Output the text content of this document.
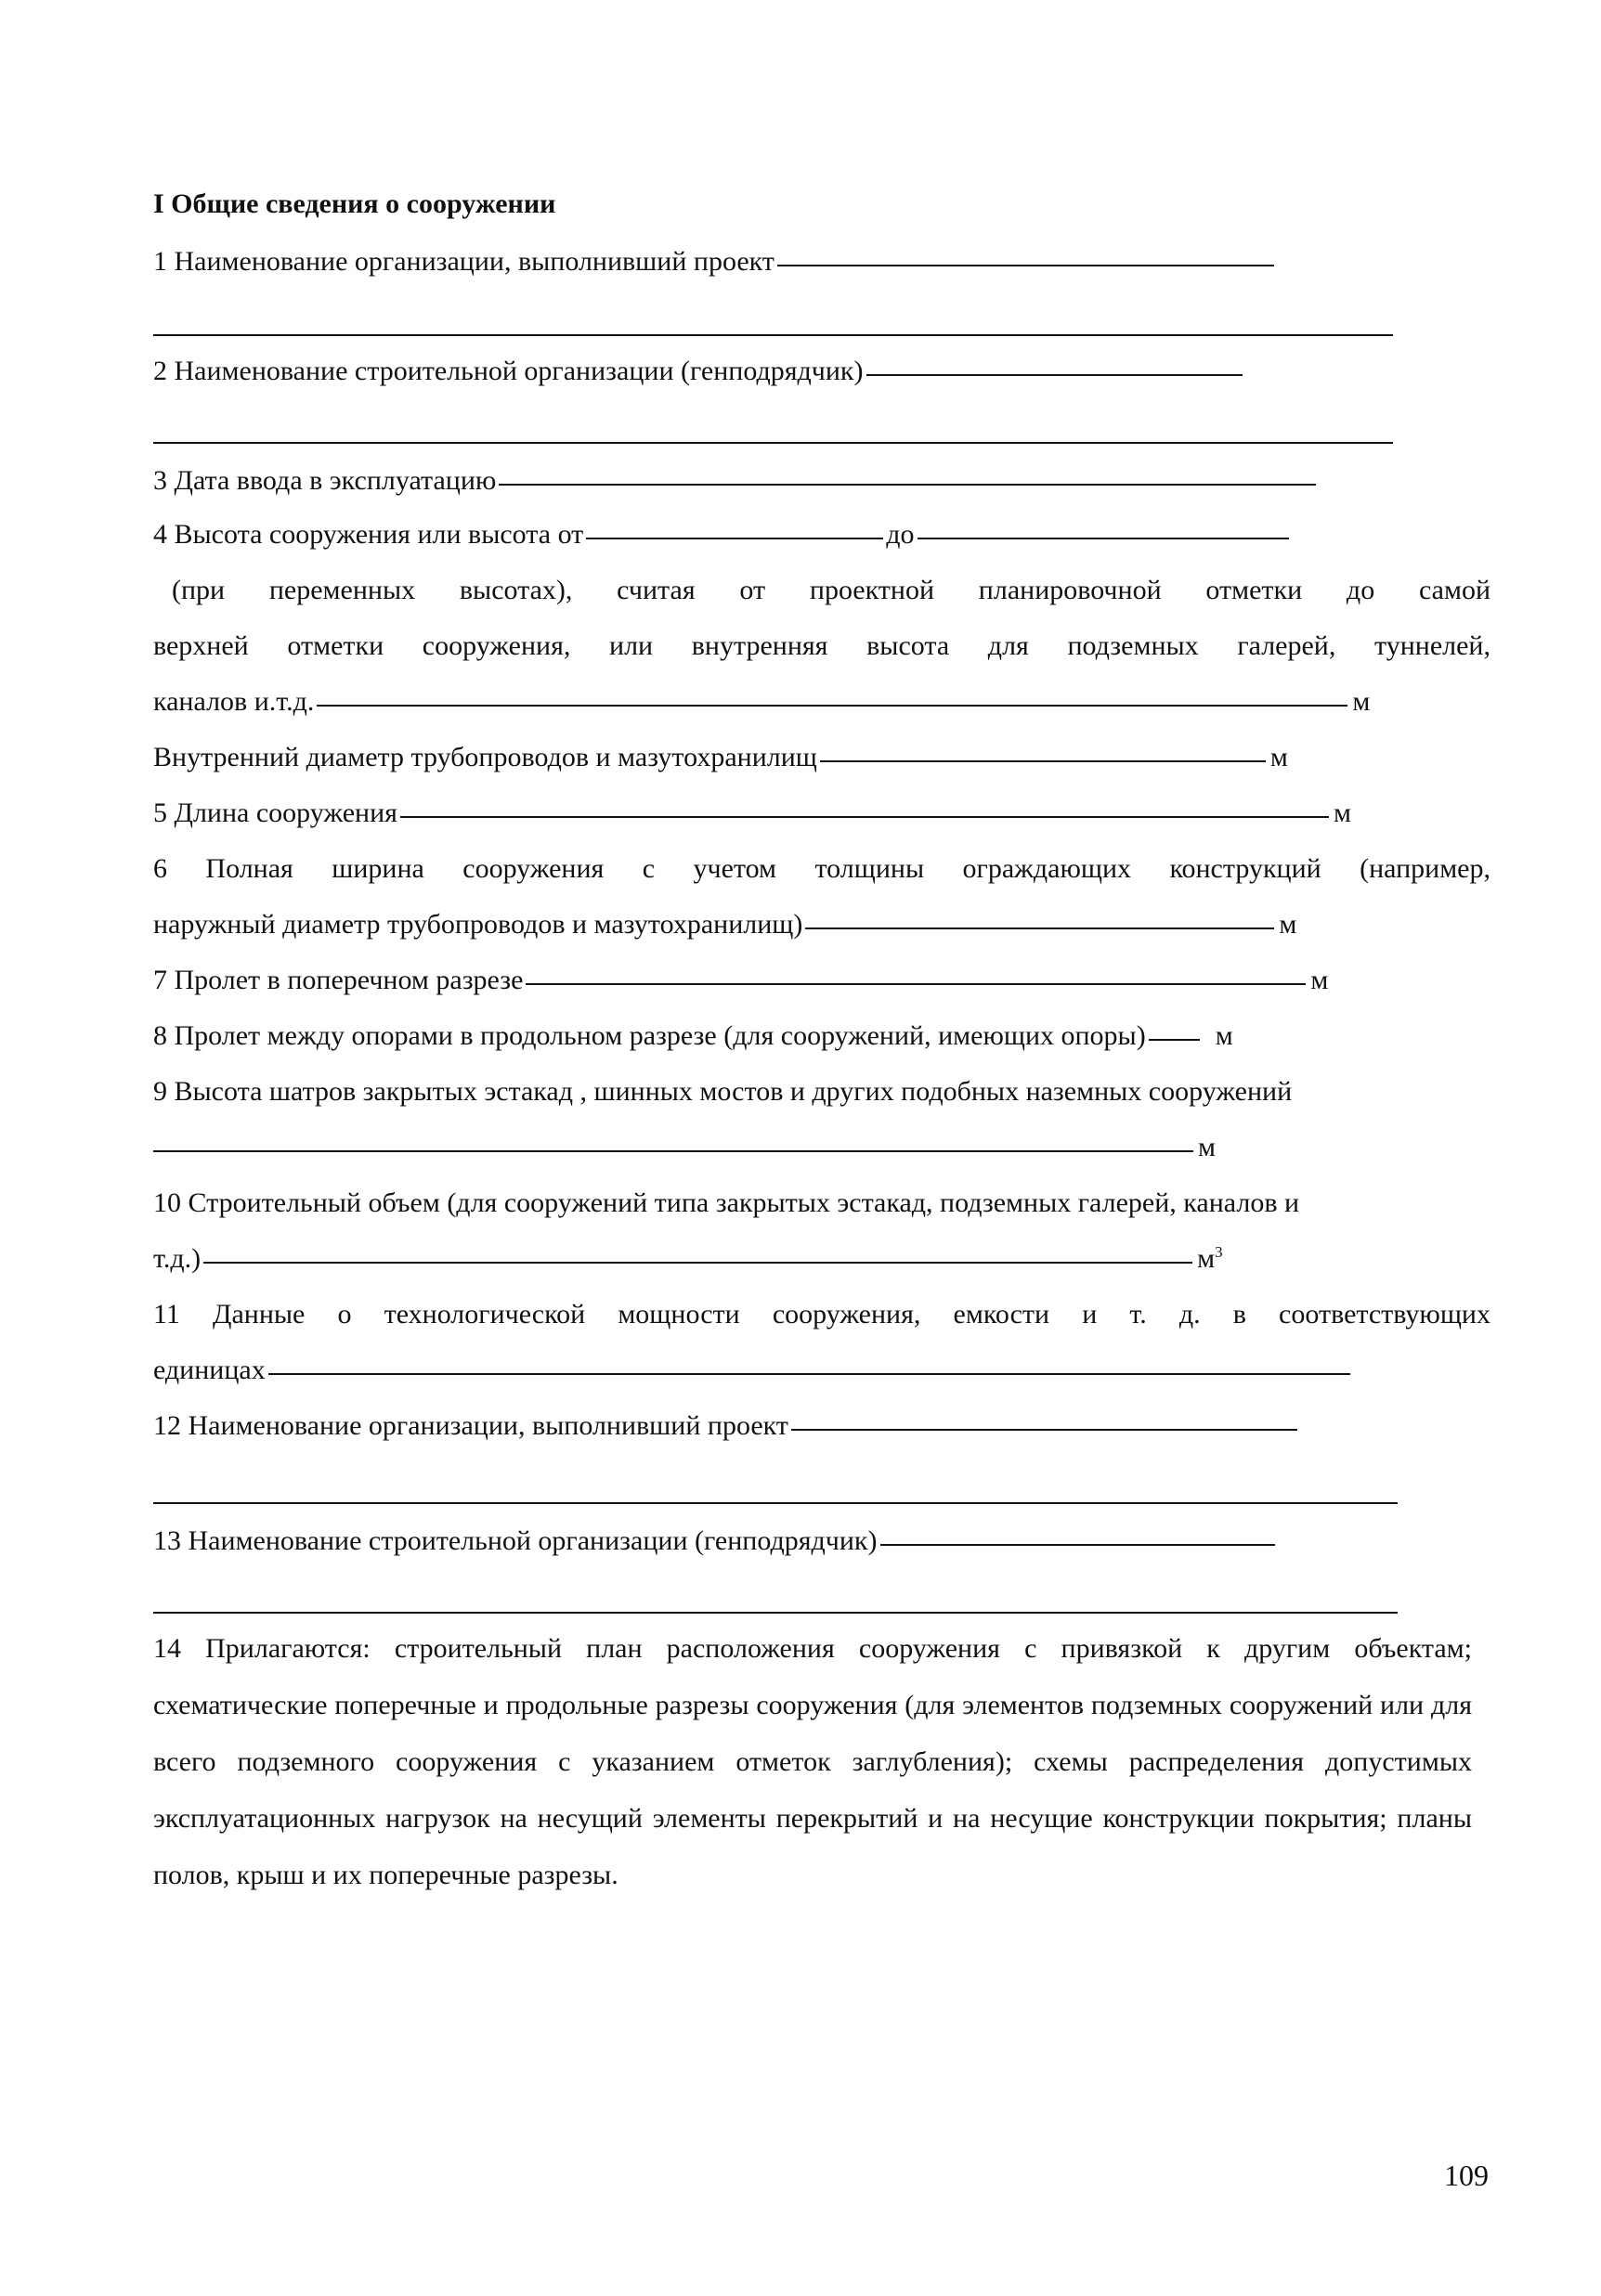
I Общие сведения о сооружении
1 Наименование организации, выполнивший проект
2 Наименование строительной организации (генподрядчик)
3 Дата ввода в эксплуатацию
4 Высота сооружения или высота от	до
(при переменных высотах), считая от проектной планировочной отметки до самой
верхней отметки сооружения, или внутренняя высота для подземных галерей, туннелей,
каналов и.т.д.	м
Внутренний диаметр трубопроводов и мазутохранилищ	м
5 Длина сооружения	м
6 Полная ширина сооружения с учетом толщины ограждающих конструкций (например,
наружный диаметр трубопроводов и мазутохранилищ)	м
7 Пролет в поперечном разрезе	м
8 Пролет между опорами в продольном разрезе (для сооружений, имеющих опоры)	м
9 Высота шатров закрытых эстакад , шинных мостов и других подобных наземных сооружений
м
10 Строительный объем (для сооружений типа закрытых эстакад, подземных галерей, каналов и
т.д.)	$м^3$
11 Данные о технологической мощности сооружения, емкости и т. д. в соответствующих
единицах
12 Наименование организации, выполнивший проект
13 Наименование строительной организации (генподрядчик)
14 Прилагаются: строительный план расположения сооружения с привязкой к другим объектам; схематические поперечные и продольные разрезы сооружения (для элементов подземных сооружений или для всего подземного сооружения с указанием отметок заглубления); схемы распределения допустимых эксплуатационных нагрузок на несущий элементы перекрытий и на несущие конструкции покрытия; планы полов, крыш и их поперечные разрезы.
109
